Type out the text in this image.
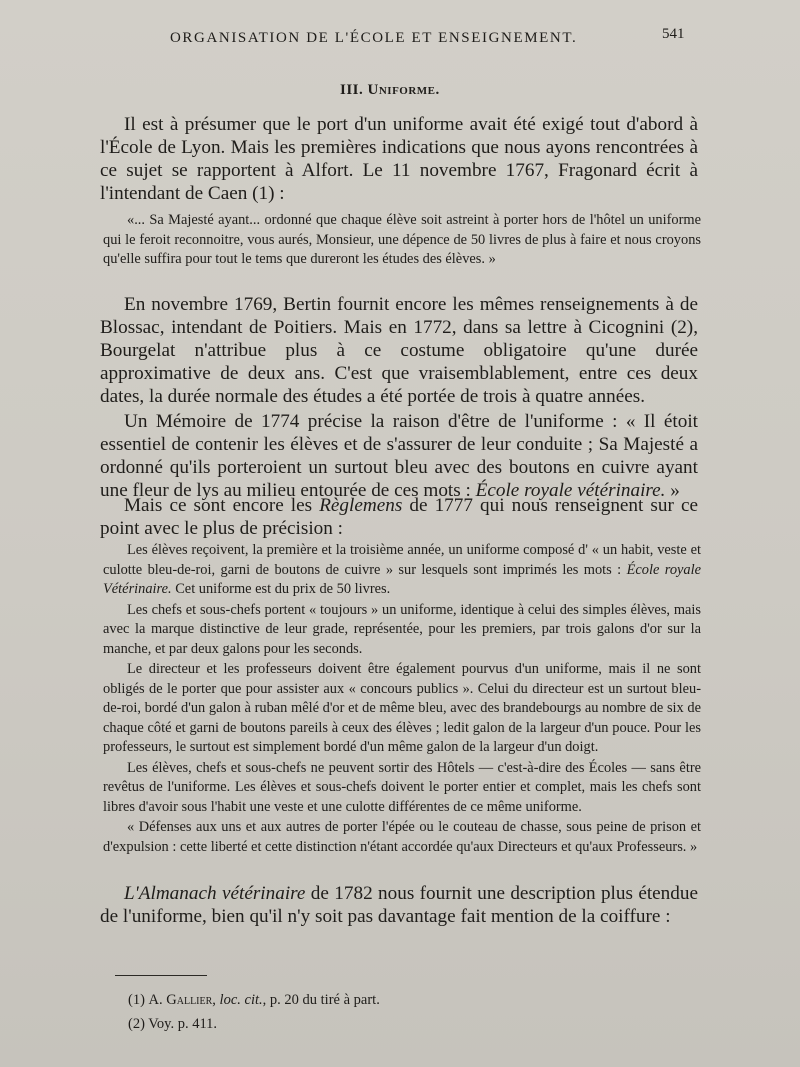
ORGANISATION DE L'ÉCOLE ET ENSEIGNEMENT.	541
III. Uniforme.

Il est à présumer que le port d'un uniforme avait été exigé tout d'abord à l'École de Lyon. Mais les premières indications que nous ayons rencontrées à ce sujet se rapportent à Alfort. Le 11 novembre 1767, Fragonard écrit à l'intendant de Caen (1) :

«... Sa Majesté ayant... ordonné que chaque élève soit astreint à porter hors de l'hôtel un uniforme qui le feroit reconnoitre, vous aurés, Monsieur, une dépence de 50 livres de plus à faire et nous croyons qu'elle suffira pour tout le tems que dureront les études des élèves. »

En novembre 1769, Bertin fournit encore les mêmes renseignements à de Blossac, intendant de Poitiers. Mais en 1772, dans sa lettre à Cicognini (2), Bourgelat n'attribue plus à ce costume obligatoire qu'une durée approximative de deux ans. C'est que vraisemblablement, entre ces deux dates, la durée normale des études a été portée de trois à quatre années.

Un Mémoire de 1774 précise la raison d'être de l'uniforme : « Il étoit essentiel de contenir les élèves et de s'assurer de leur conduite ; Sa Majesté a ordonné qu'ils porteroient un surtout bleu avec des boutons en cuivre ayant une fleur de lys au milieu entourée de ces mots : École royale vétérinaire. »

Mais ce sont encore les Règlemens de 1777 qui nous renseignent sur ce point avec le plus de précision :

Les élèves reçoivent, la première et la troisième année, un uniforme composé d' « un habit, veste et culotte bleu-de-roi, garni de boutons de cuivre » sur lesquels sont imprimés les mots : École royale Vétérinaire. Cet uniforme est du prix de 50 livres.

Les chefs et sous-chefs portent « toujours » un uniforme, identique à celui des simples élèves, mais avec la marque distinctive de leur grade, représentée, pour les premiers, par trois galons d'or sur la manche, et par deux galons pour les seconds.

Le directeur et les professeurs doivent être également pourvus d'un uniforme, mais il ne sont obligés de le porter que pour assister aux « concours publics ». Celui du directeur est un surtout bleu-de-roi, bordé d'un galon à ruban mêlé d'or et de même bleu, avec des brandebourgs au nombre de six de chaque côté et garni de boutons pareils à ceux des élèves ; ledit galon de la largeur d'un pouce. Pour les professeurs, le surtout est simplement bordé d'un même galon de la largeur d'un doigt.

Les élèves, chefs et sous-chefs ne peuvent sortir des Hôtels — c'est-à-dire des Écoles — sans être revêtus de l'uniforme. Les élèves et sous-chefs doivent le porter entier et complet, mais les chefs sont libres d'avoir sous l'habit une veste et une culotte différentes de ce même uniforme.

« Défenses aux uns et aux autres de porter l'épée ou le couteau de chasse, sous peine de prison et d'expulsion : cette liberté et cette distinction n'étant accordée qu'aux Directeurs et qu'aux Professeurs. »

L'Almanach vétérinaire de 1782 nous fournit une description plus étendue de l'uniforme, bien qu'il n'y soit pas davantage fait mention de la coiffure :

(1) A. Gallier, loc. cit., p. 20 du tiré à part.
(2) Voy. p. 411.
